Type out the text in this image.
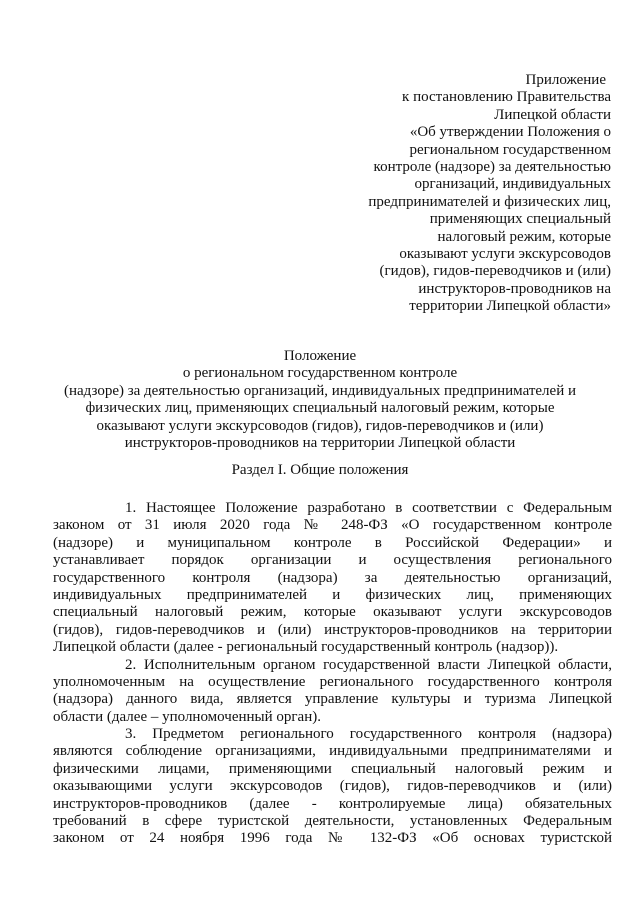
Приложение
к постановлению Правительства
Липецкой области
«Об утверждении Положения о
региональном государственном
контроле (надзоре) за деятельностью
организаций, индивидуальных
предпринимателей и физических лиц,
применяющих специальный
налоговый режим, которые
оказывают услуги экскурсоводов
(гидов), гидов-переводчиков и (или)
инструкторов-проводников на
территории Липецкой области»
Положение
о региональном государственном контроле
(надзоре) за деятельностью организаций, индивидуальных предпринимателей и
физических лиц, применяющих специальный налоговый режим, которые
оказывают услуги экскурсоводов (гидов), гидов-переводчиков и (или)
инструкторов-проводников на территории Липецкой области
Раздел I. Общие положения
1. Настоящее Положение разработано в соответствии с Федеральным
законом от 31 июля 2020 года № 248-ФЗ «О государственном контроле
(надзоре) и муниципальном контроле в Российской Федерации» и
устанавливает порядок организации и осуществления регионального
государственного контроля (надзора) за деятельностью организаций,
индивидуальных предпринимателей и физических лиц, применяющих
специальный налоговый режим, которые оказывают услуги экскурсоводов
(гидов), гидов-переводчиков и (или) инструкторов-проводников на территории
Липецкой области (далее - региональный государственный контроль (надзор)).
2. Исполнительным органом государственной власти Липецкой области,
уполномоченным на осуществление регионального государственного контроля
(надзора) данного вида, является управление культуры и туризма Липецкой
области (далее – уполномоченный орган).
3. Предметом регионального государственного контроля (надзора)
являются соблюдение организациями, индивидуальными предпринимателями и
физическими лицами, применяющими специальный налоговый режим и
оказывающими услуги экскурсоводов (гидов), гидов-переводчиков и (или)
инструкторов-проводников (далее - контролируемые лица) обязательных
требований в сфере туристской деятельности, установленных Федеральным
законом от 24 ноября 1996 года № 132-ФЗ «Об основах туристской
